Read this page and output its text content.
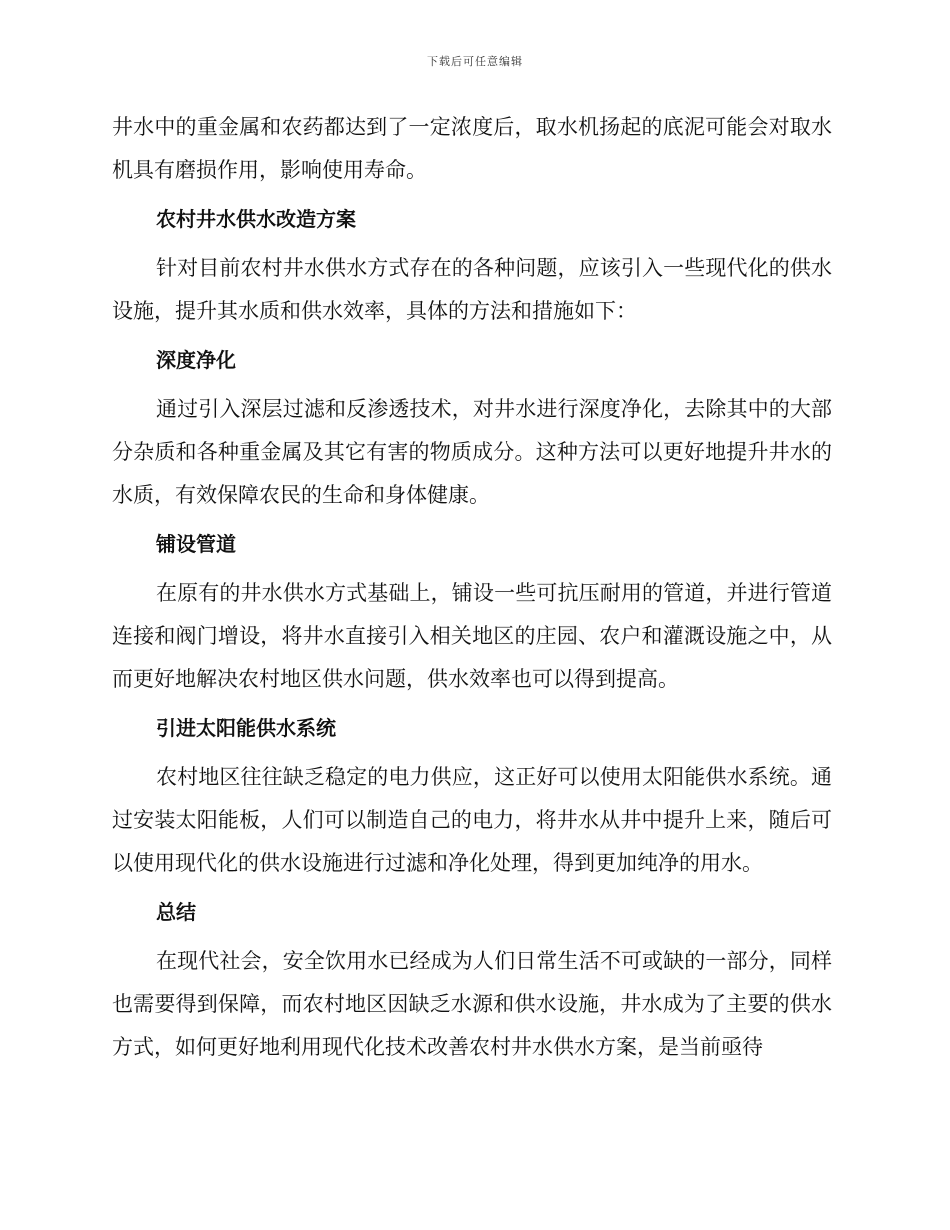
下载后可任意编辑

井水中的重金属和农药都达到了一定浓度后，取水机扬起的底泥可能会对取水机具有磨损作用，影响使用寿命。

农村井水供水改造方案

针对目前农村井水供水方式存在的各种问题，应该引入一些现代化的供水设施，提升其水质和供水效率，具体的方法和措施如下：

深度净化

通过引入深层过滤和反渗透技术，对井水进行深度净化，去除其中的大部分杂质和各种重金属及其它有害的物质成分。这种方法可以更好地提升井水的水质，有效保障农民的生命和身体健康。

铺设管道

在原有的井水供水方式基础上，铺设一些可抗压耐用的管道，并进行管道连接和阀门增设，将井水直接引入相关地区的庄园、农户和灌溉设施之中，从而更好地解决农村地区供水问题，供水效率也可以得到提高。

引进太阳能供水系统

农村地区往往缺乏稳定的电力供应，这正好可以使用太阳能供水系统。通过安装太阳能板，人们可以制造自己的电力，将井水从井中提升上来，随后可以使用现代化的供水设施进行过滤和净化处理，得到更加纯净的用水。

总结

在现代社会，安全饮用水已经成为人们日常生活不可或缺的一部分，同样也需要得到保障，而农村地区因缺乏水源和供水设施，井水成为了主要的供水方式，如何更好地利用现代化技术改善农村井水供水方案，是当前亟待
